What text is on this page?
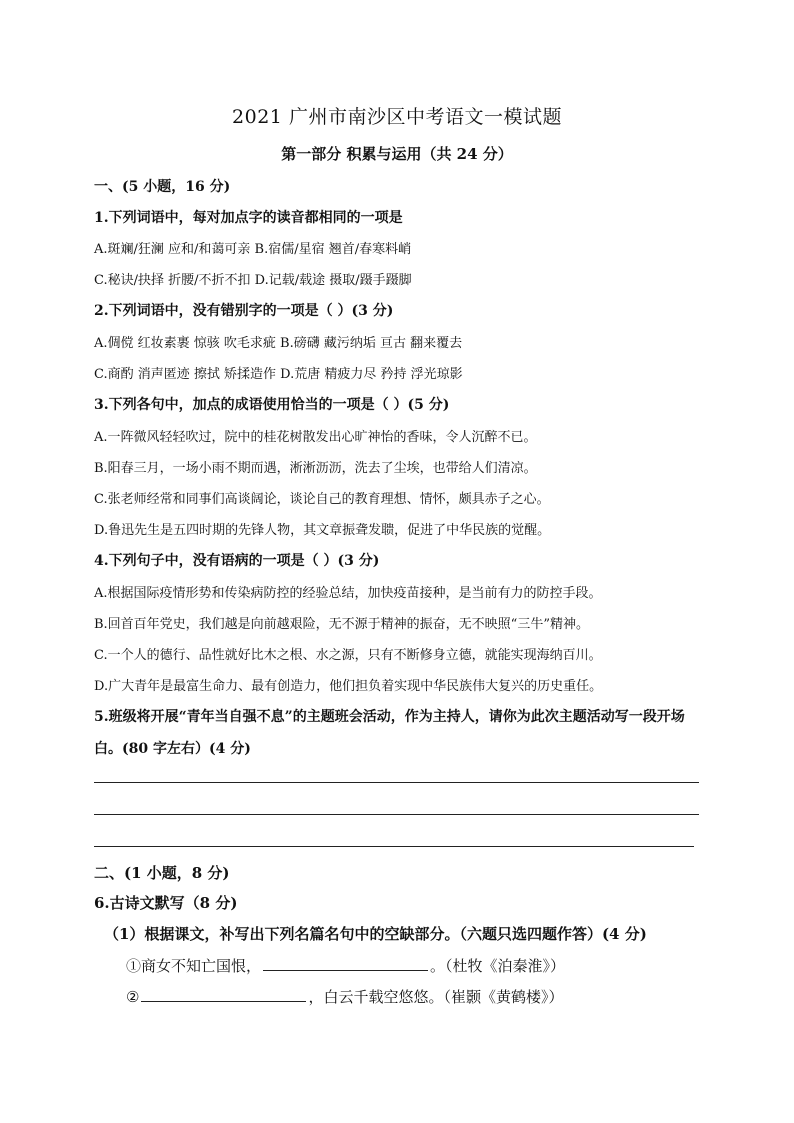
2021 广州市南沙区中考语文一模试题
第一部分 积累与运用（共 24 分）
一、(5 小题，16 分)
1.下列词语中，每对加点字的读音都相同的一项是
A.斑斓/狂澜 应和/和蔼可亲 B.宿儒/星宿 翘首/春寒料峭
C.秘诀/抉择 折腰/不折不扣 D.记载/载途 摄取/蹑手蹑脚
2.下列词语中，没有错别字的一项是（ ）(3 分)
A.倜傥 红妆素裹 惊骇 吹毛求疵 B.磅礴 藏污纳垢 亘古 翻来覆去
C.商酌 消声匿迹 擦拭 矫揉造作 D.荒唐 精疲力尽 矜持 浮光琼影
3.下列各句中，加点的成语使用恰当的一项是（ ）(5 分)
A.一阵微风轻轻吹过，院中的桂花树散发出心旷神怡的香味，令人沉醉不已。
B.阳春三月，一场小雨不期而遇，淅淅沥沥，洗去了尘埃，也带给人们清凉。
C.张老师经常和同事们高谈阔论，谈论自己的教育理想、情怀，颇具赤子之心。
D.鲁迅先生是五四时期的先锋人物，其文章振聋发聩，促进了中华民族的觉醒。
4.下列句子中，没有语病的一项是（ ）(3 分)
A.根据国际疫情形势和传染病防控的经验总结，加快疫苗接种，是当前有力的防控手段。
B.回首百年党史，我们越是向前越艰险，无不源于精神的振奋，无不映照“三牛”精神。
C.一个人的德行、品性就好比木之根、水之源，只有不断修身立德，就能实现海纳百川。
D.广大青年是最富生命力、最有创造力，他们担负着实现中华民族伟大复兴的历史重任。
5.班级将开展“青年当自强不息”的主题班会活动，作为主持人，请你为此次主题活动写一段开场
白。(80 字左右）(4 分)
二、(1 小题，8 分)
6.古诗文默写（8 分)
（1）根据课文，补写出下列名篇名句中的空缺部分。（六题只选四题作答）(4 分)
①商女不知亡国恨，	。（杜牧《泊秦淮》）
②	，白云千载空悠悠。（崔颢《黄鹤楼》）
